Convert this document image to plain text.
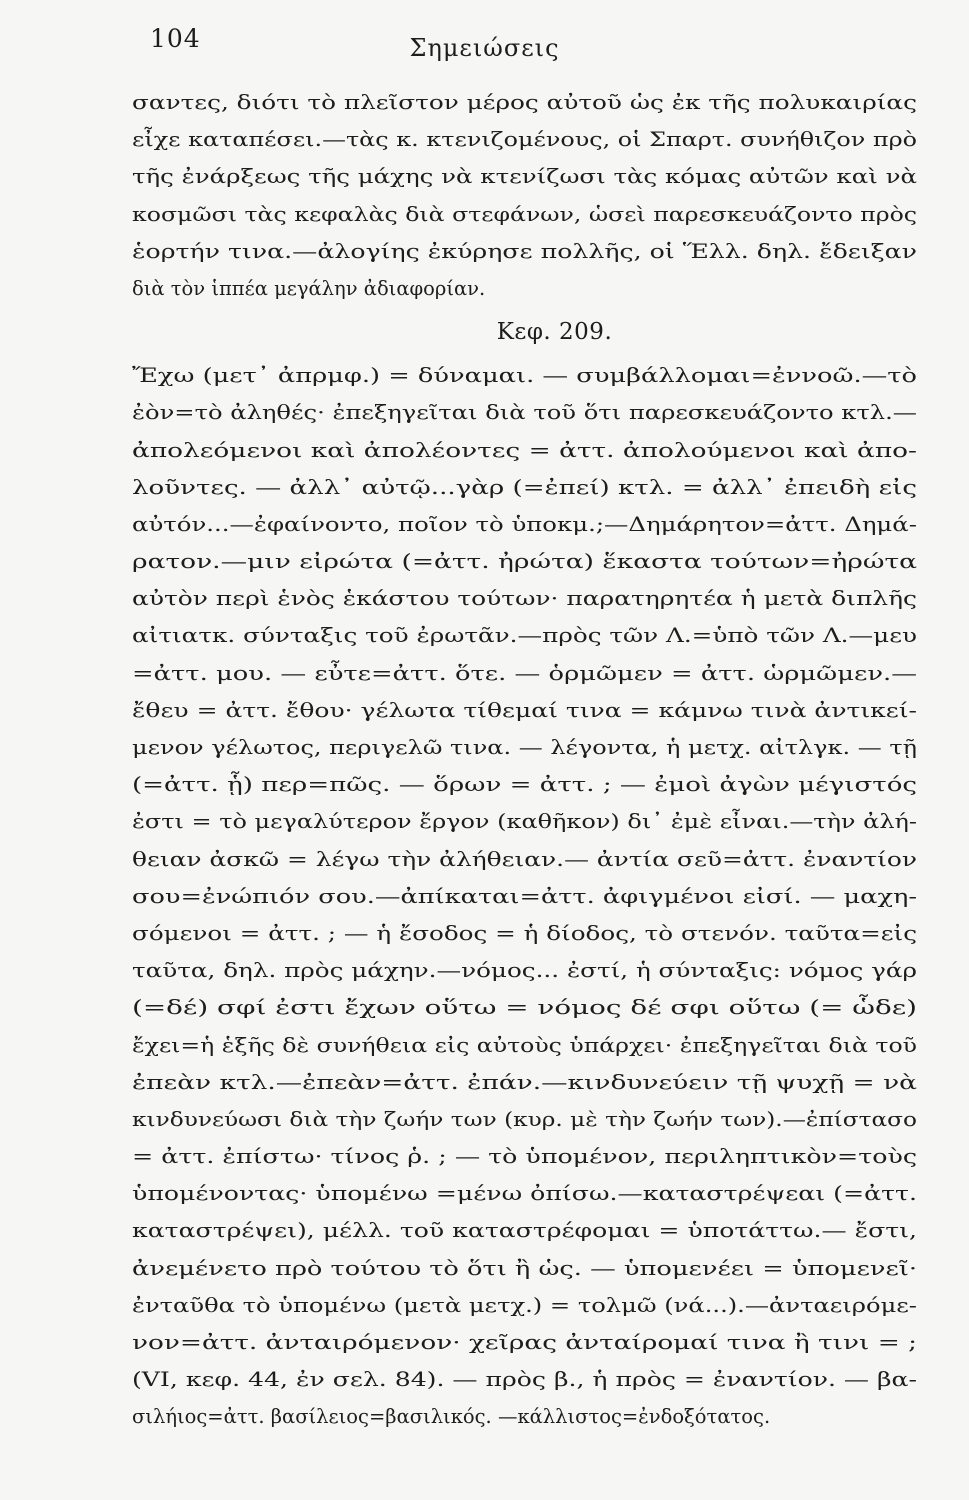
104	Σημειώσεις
σαντες, διότι τὸ πλεῖστον μέρος αὐτοῦ ὡς ἐκ τῆς πολυκαιρίας
εἶχε καταπέσει.—τὰς κ. κτενιζομένους, οἱ Σπαρτ. συνήθιζον πρὸ
τῆς ἐνάρξεως τῆς μάχης νὰ κτενίζωσι τὰς κόμας αὐτῶν καὶ νὰ
κοσμῶσι τὰς κεφαλὰς διὰ στεφάνων, ὡσεὶ παρεσκευάζοντο πρὸς
ἑορτήν τινα.—ἀλογίης ἐκύρησε πολλῆς, οἱ Ἕλλ. δηλ. ἔδειξαν
διὰ τὸν ἱππέα μεγάλην ἀδιαφορίαν.
Κεφ. 209.
Ἔχω (μετ᾽ ἀπρμφ.) = δύναμαι. — συμβάλλομαι=ἐννοῶ.—τὸ
ἐὸν=τὸ ἀληθές· ἐπεξηγεῖται διὰ τοῦ ὅτι παρεσκευάζοντο κτλ.—
ἀπολεόμενοι καὶ ἀπολέοντες = ἀττ. ἀπολούμενοι καὶ ἀπο-
λοῦντες. — ἀλλ᾽ αὐτῷ...γὰρ (=ἐπεί) κτλ. = ἀλλ᾽ ἐπειδὴ εἰς
αὐτόν...—ἐφαίνοντο, ποῖον τὸ ὑποκμ.;—Δημάρητον=ἀττ. Δημά-
ρατον.—μιν εἰρώτα (=ἀττ. ἠρώτα) ἕκαστα τούτων=ἠρώτα
αὐτὸν περὶ ἑνὸς ἑκάστου τούτων· παρατηρητέα ἡ μετὰ διπλῆς
αἰτιατκ. σύνταξις τοῦ ἐρωτᾶν.—πρὸς τῶν Λ.=ὑπὸ τῶν Λ.—μευ
=ἀττ. μου. — εὖτε=ἀττ. ὅτε. — ὁρμῶμεν = ἀττ. ὡρμῶμεν.—
ἔθευ = ἀττ. ἔθου· γέλωτα τίθεμαί τινα = κάμνω τινὰ ἀντικεί-
μενον γέλωτος, περιγελῶ τινα. — λέγοντα, ἡ μετχ. αἰτλγκ. — τῇ
(=ἀττ. ᾗ) περ=πῶς. — ὅρων = ἀττ. ; — ἐμοὶ ἀγὼν μέγιστός
ἐστι = τὸ μεγαλύτερον ἔργον (καθῆκον) δι᾽ ἐμὲ εἶναι.—τὴν ἀλή-
θειαν ἀσκῶ = λέγω τὴν ἀλήθειαν.— ἀντία σεῦ=ἀττ. ἐναντίον
σου=ἐνώπιόν σου.—ἀπίκαται=ἀττ. ἀφιγμένοι εἰσί. — μαχη-
σόμενοι = ἀττ. ; — ἡ ἔσοδος = ἡ δίοδος, τὸ στενόν. ταῦτα=εἰς
ταῦτα, δηλ. πρὸς μάχην.—νόμος... ἐστί, ἡ σύνταξις: νόμος γάρ
(=δέ) σφί ἐστι ἔχων οὕτω = νόμος δέ σφι οὕτω (= ὧδε)
ἔχει=ἡ ἑξῆς δὲ συνήθεια εἰς αὐτοὺς ὑπάρχει· ἐπεξηγεῖται διὰ τοῦ
ἐπεὰν κτλ.—ἐπεὰν=ἀττ. ἐπάν.—κινδυνεύειν τῇ ψυχῇ = νὰ
κινδυνεύωσι διὰ τὴν ζωήν των (κυρ. μὲ τὴν ζωήν των).—ἐπίστασο
= ἀττ. ἐπίστω· τίνος ῥ. ; — τὸ ὑπομένον, περιληπτικὸν=τοὺς
ὑπομένοντας· ὑπομένω =μένω ὀπίσω.—καταστρέψεαι (=ἀττ.
καταστρέψει), μέλλ. τοῦ καταστρέφομαι = ὑποτάττω.— ἔστι,
ἀνεμένετο πρὸ τούτου τὸ ὅτι ἢ ὡς. — ὑπομενέει = ὑπομενεῖ·
ἐνταῦθα τὸ ὑπομένω (μετὰ μετχ.) = τολμῶ (νά...).—ἀνταειρόμε-
νον=ἀττ. ἀνταιρόμενον· χεῖρας ἀνταίρομαί τινα ἢ τινι = ;
(VI, κεφ. 44, ἐν σελ. 84). — πρὸς β., ἡ πρὸς = ἐναντίον. — βα-
σιλήιος=ἀττ. βασίλειος=βασιλικός. —κάλλιστος=ἐνδοξότατος.
